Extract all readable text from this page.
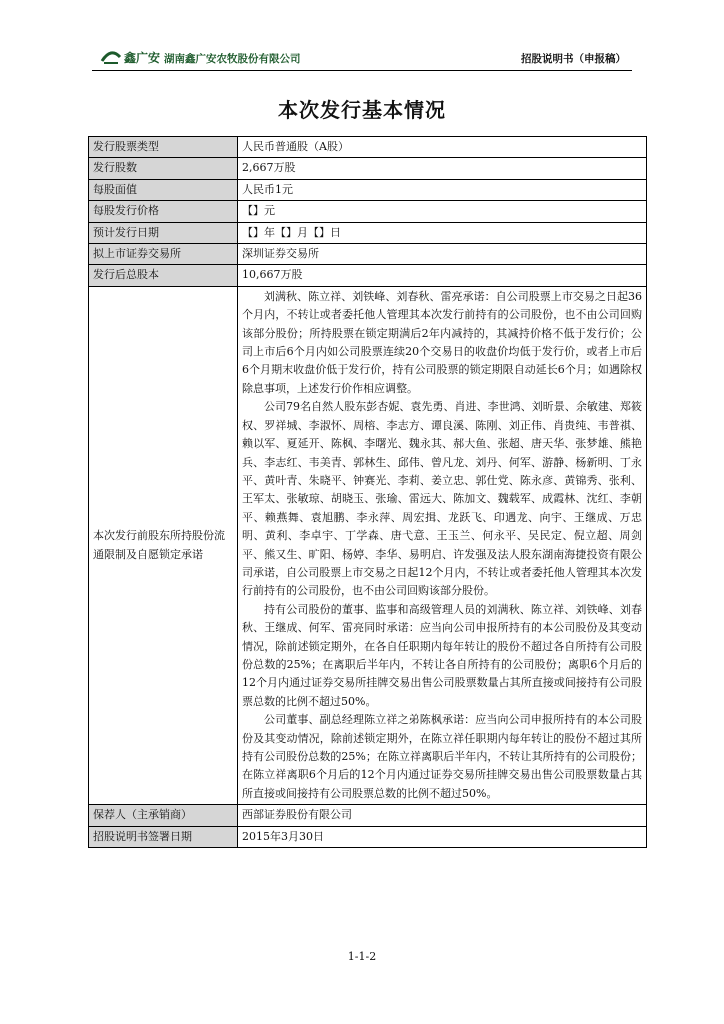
鑫广安 湖南鑫广安农牧股份有限公司	招股说明书（申报稿）
本次发行基本情况
发行股票类型	人民币普通股（A股）
发行股数	2,667万股
每股面值	人民币1元
每股发行价格	【】元
预计发行日期	【】年【】月【】日
拟上市证券交易所	深圳证券交易所
发行后总股本	10,667万股
本次发行前股东所持股份流通限制及自愿锁定承诺	刘满秋、陈立祥、刘铁峰、刘春秋、雷亮承诺：自公司股票上市交易之日起36个月内，不转让或者委托他人管理其本次发行前持有的公司股份，也不由公司回购该部分股份；所持股票在锁定期满后2年内减持的，其减持价格不低于发行价；公司上市后6个月内如公司股票连续20个交易日的收盘价均低于发行价，或者上市后6个月期末收盘价低于发行价，持有公司股票的锁定期限自动延长6个月；如遇除权除息事项，上述发行价作相应调整。
公司79名自然人股东彭杏妮、袁先勇、肖进、李世鸿、刘昕景、余敏建、郑筱权、罗祥城、李淑怀、周榕、李志方、谭良溪、陈刚、刘正伟、肖贵纯、韦普祺、赖以军、夏延开、陈枫、李曙光、魏永其、郝大鱼、张超、唐天华、张梦雄、熊艳兵、李志红、韦美青、郭林生、邱伟、曾凡龙、刘丹、何军、游静、杨新明、丁永平、黄叶青、朱晓平、钟赛光、李莉、姜立忠、郭仕党、陈永彦、黄锦秀、张利、王军太、张敏琼、胡晓玉、张瑜、雷远大、陈加文、魏载军、成霞林、沈红、李朝平、赖燕舞、袁旭鹏、李永萍、周宏揖、龙跃飞、印遇龙、向宇、王继成、万忠明、黄利、李卓宇、丁学森、唐弋意、王玉兰、何永平、吴民定、倪立超、周剑平、熊又生、旷阳、杨婷、李华、易明启、许发强及法人股东湖南海捷投资有限公司承诺，自公司股票上市交易之日起12个月内，不转让或者委托他人管理其本次发行前持有的公司股份，也不由公司回购该部分股份。
持有公司股份的董事、监事和高级管理人员的刘满秋、陈立祥、刘铁峰、刘春秋、王继成、何军、雷亮同时承诺：应当向公司申报所持有的本公司股份及其变动情况，除前述锁定期外，在各自任职期内每年转让的股份不超过各自所持有公司股份总数的25%；在离职后半年内，不转让各自所持有的公司股份；离职6个月后的12个月内通过证券交易所挂牌交易出售公司股票数量占其所直接或间接持有公司股票总数的比例不超过50%。
公司董事、副总经理陈立祥之弟陈枫承诺：应当向公司申报所持有的本公司股份及其变动情况，除前述锁定期外，在陈立祥任职期内每年转让的股份不超过其所持有公司股份总数的25%；在陈立祥离职后半年内，不转让其所持有的公司股份；在陈立祥离职6个月后的12个月内通过证券交易所挂牌交易出售公司股票数量占其所直接或间接持有公司股票总数的比例不超过50%。

保荐人（主承销商）	西部证券股份有限公司
招股说明书签署日期	2015年3月30日
1-1-2
